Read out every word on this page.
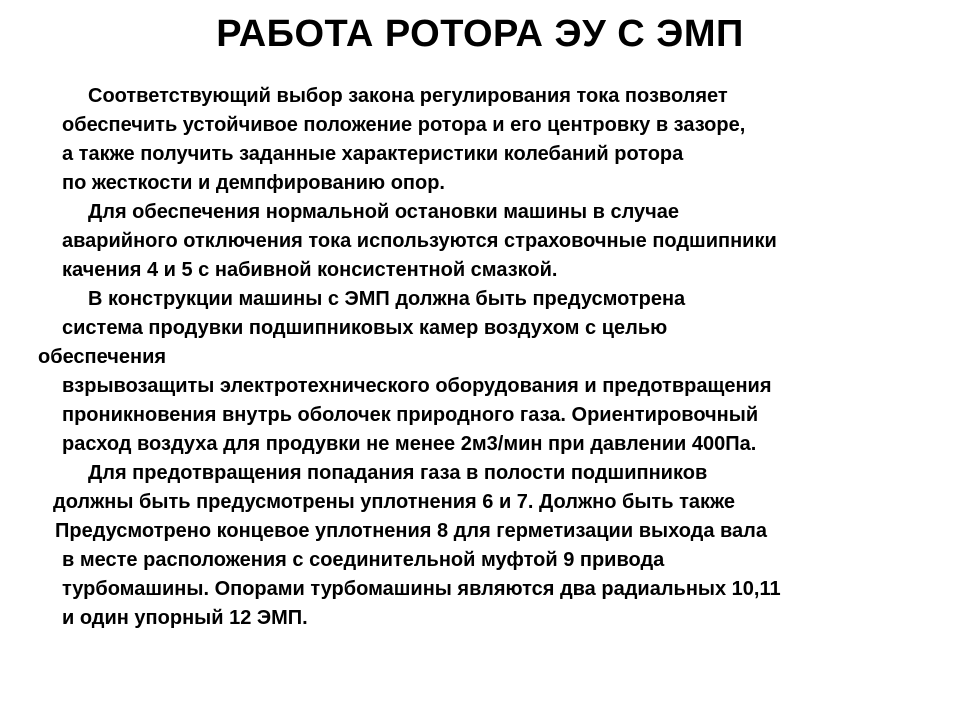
РАБОТА РОТОРА ЭУ С ЭМП
Соответствующий выбор закона регулирования тока позволяет
обеспечить устойчивое положение ротора и его центровку в зазоре,
а также получить заданные характеристики колебаний ротора
по жесткости и демпфированию опор.
Для обеспечения нормальной остановки машины в случае
аварийного отключения тока используются страховочные подшипники
качения 4 и 5 с набивной консистентной смазкой.
В конструкции машины с ЭМП должна быть предусмотрена
система продувки подшипниковых камер воздухом с целью
обеспечения
взрывозащиты электротехнического оборудования и предотвращения
проникновения внутрь оболочек природного газа. Ориентировочный
расход воздуха для продувки не менее 2м3/мин при давлении 400Па.
Для предотвращения попадания газа в полости подшипников
должны быть предусмотрены уплотнения 6 и 7. Должно быть также
Предусмотрено концевое уплотнения 8 для герметизации выхода вала
в месте расположения с соединительной муфтой 9 привода
турбомашины. Опорами турбомашины являются два радиальных 10,11
и один упорный 12 ЭМП.
